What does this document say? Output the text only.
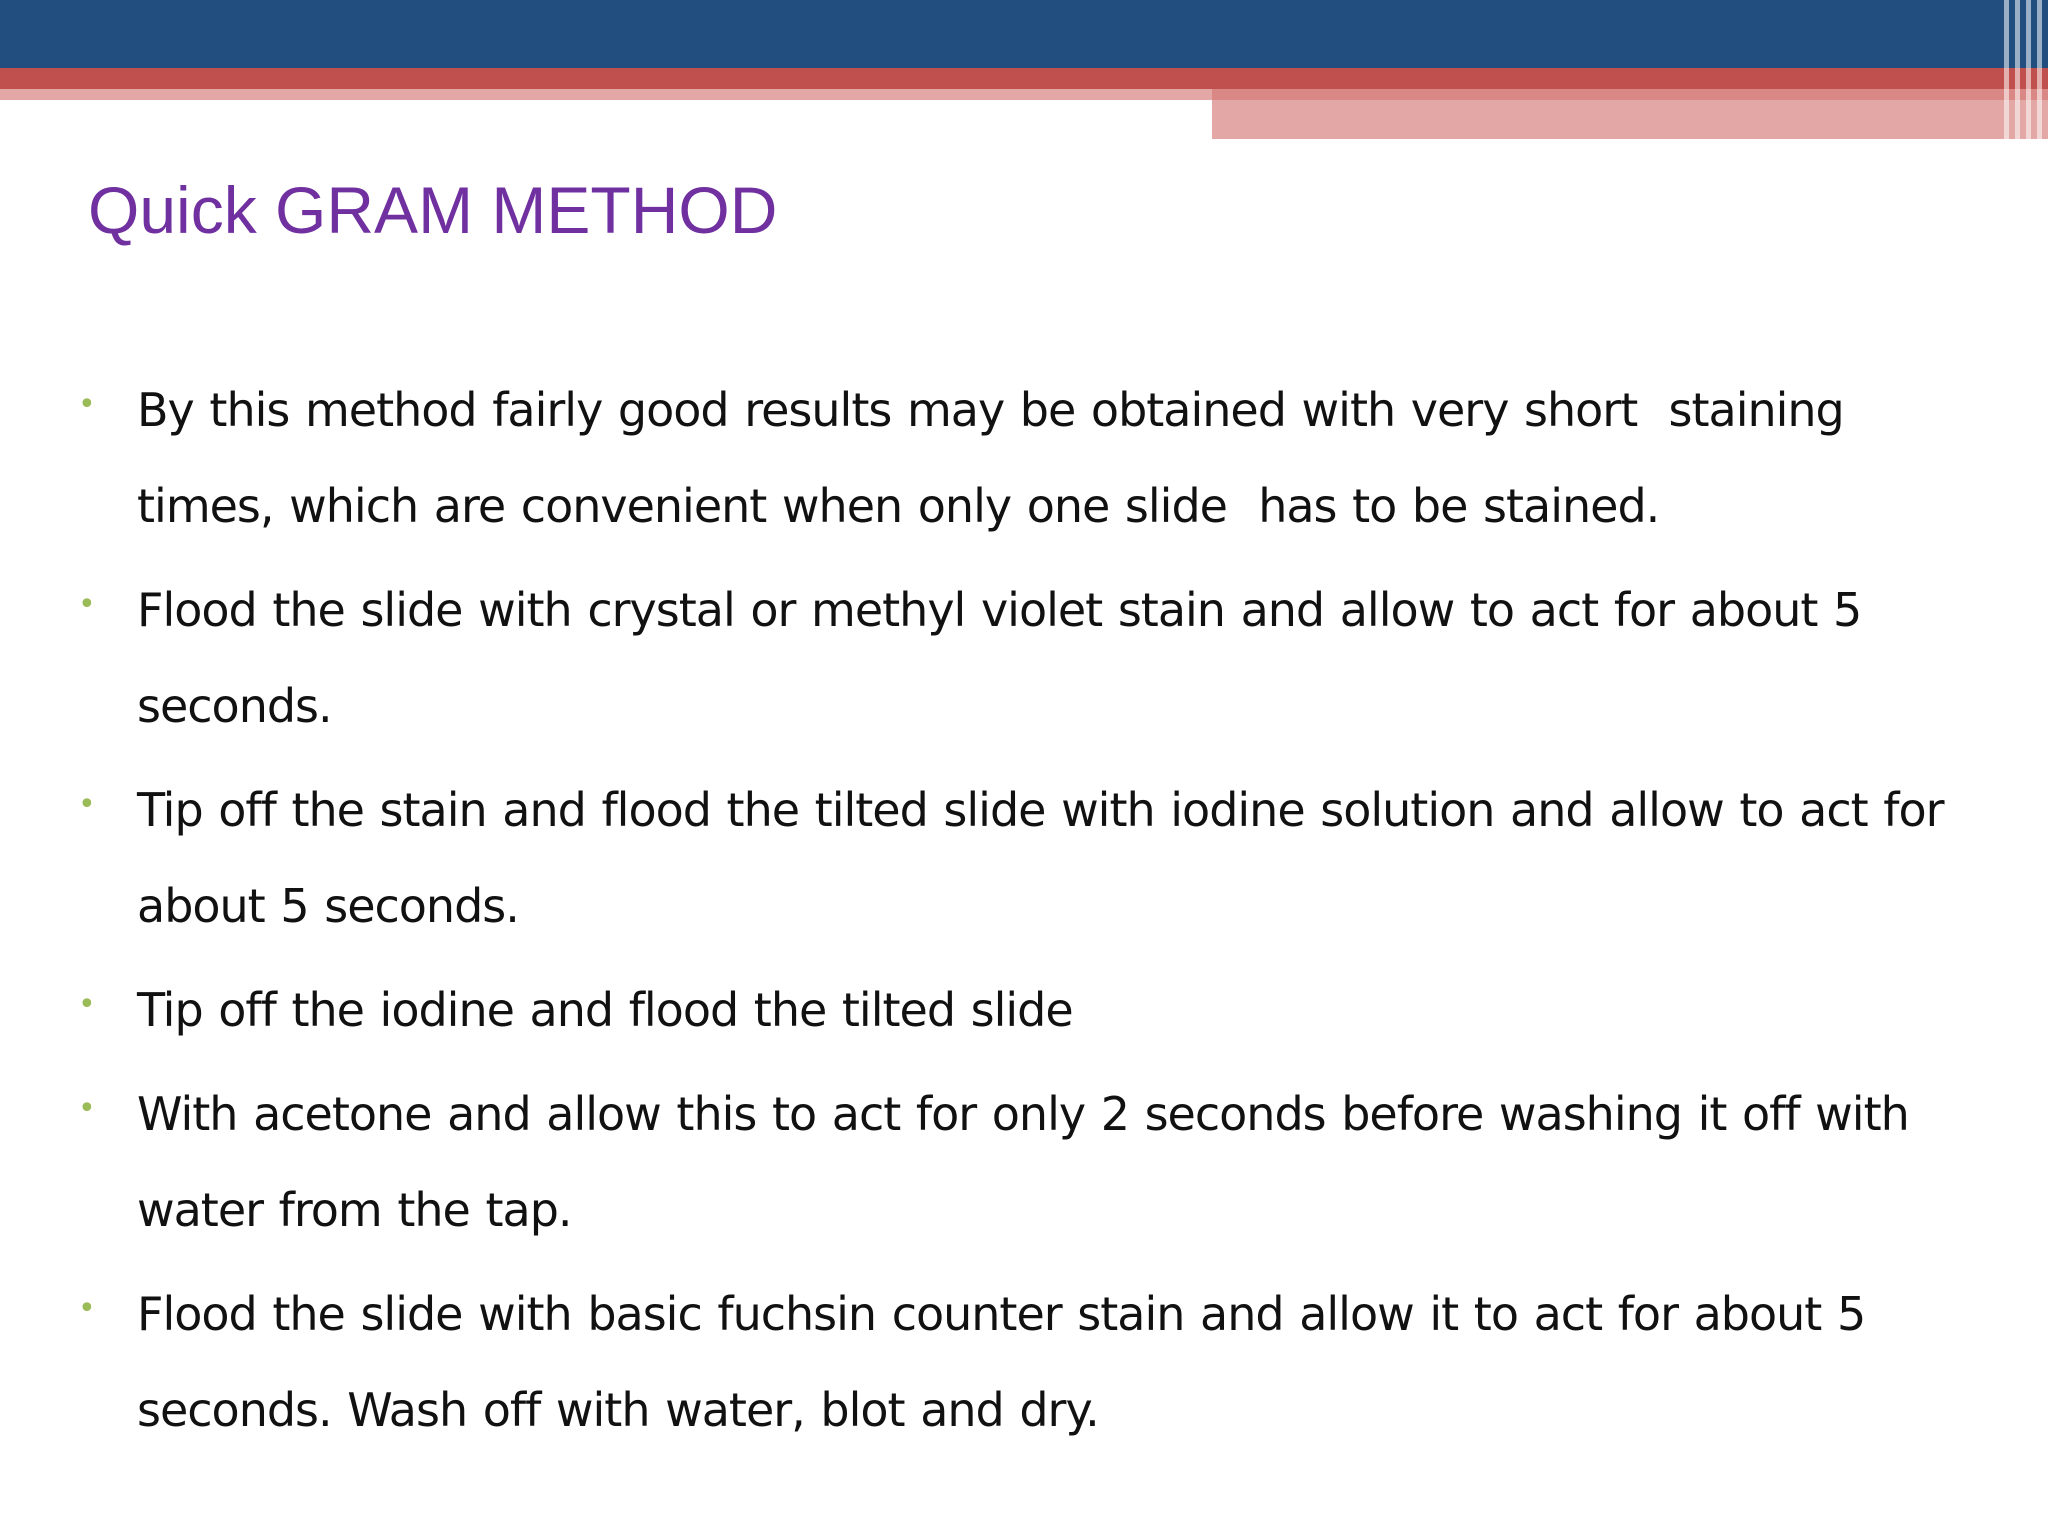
Quick GRAM METHOD
• By this method fairly good results may be obtained with very short  staining times, which are convenient when only one slide  has to be stained.
• Flood the slide with crystal or methyl violet stain and allow to act for about 5 seconds.
• Tip off the stain and flood the tilted slide with iodine solution and allow to act for about 5 seconds.
• Tip off the iodine and flood the tilted slide
• With acetone and allow this to act for only 2 seconds before washing it off with water from the tap.
• Flood the slide with basic fuchsin counter stain and allow it to act for about 5 seconds. Wash off with water, blot and dry.
